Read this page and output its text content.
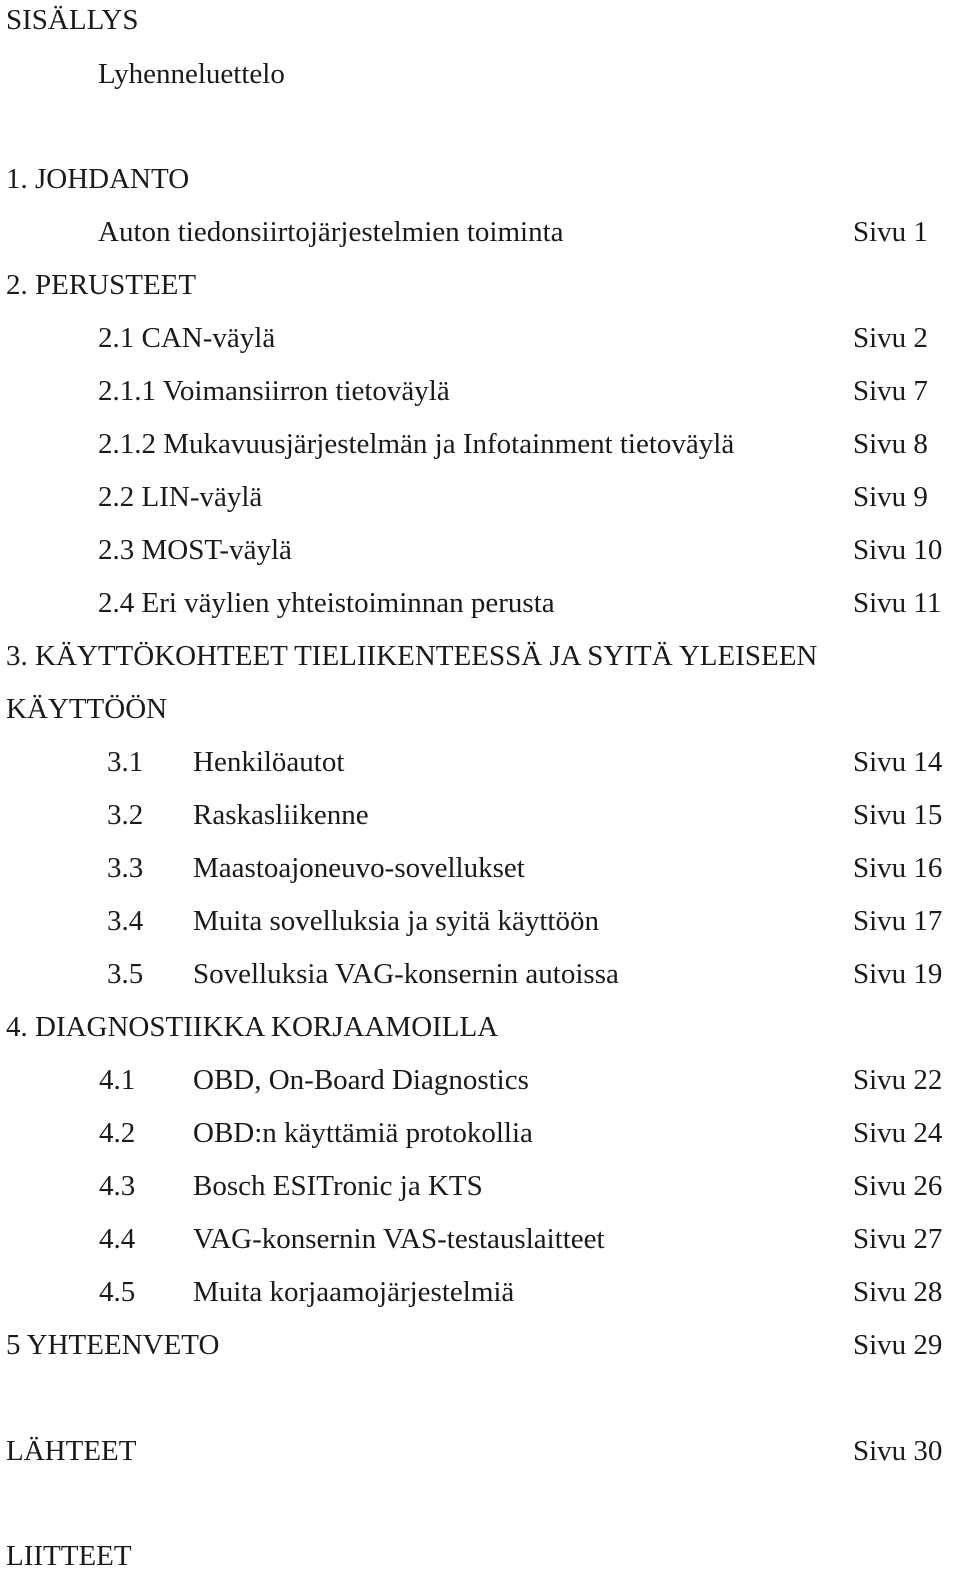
SISÄLLYS
Lyhenneluettelo
1. JOHDANTO
Auton tiedonsiirtojärjestelmien toiminta	Sivu 1
2. PERUSTEET
2.1 CAN-väylä	Sivu 2
2.1.1 Voimansiirron tietoväylä	Sivu 7
2.1.2 Mukavuusjärjestelmän ja Infotainment tietoväylä	Sivu 8
2.2 LIN-väylä	Sivu 9
2.3 MOST-väylä	Sivu 10
2.4 Eri väylien yhteistoiminnan perusta	Sivu 11
3. KÄYTTÖKOHTEET TIELIIKENTEESSÄ JA SYITÄ YLEISEEN
KÄYTTÖÖN
3.1 Henkilöautot	Sivu 14
3.2 Raskasliikenne	Sivu 15
3.3 Maastoajoneuvo-sovellukset	Sivu 16
3.4 Muita sovelluksia ja syitä käyttöön	Sivu 17
3.5 Sovelluksia VAG-konsernin autoissa	Sivu 19
4. DIAGNOSTIIKKA KORJAAMOILLA
4.1 OBD, On-Board Diagnostics	Sivu 22
4.2 OBD:n käyttämiä protokollia	Sivu 24
4.3 Bosch ESITronic ja KTS	Sivu 26
4.4 VAG-konsernin VAS-testauslaitteet	Sivu 27
4.5 Muita korjaamojärjestelmiä	Sivu 28
5 YHTEENVETO	Sivu 29
LÄHTEET	Sivu 30
LIITTEET
